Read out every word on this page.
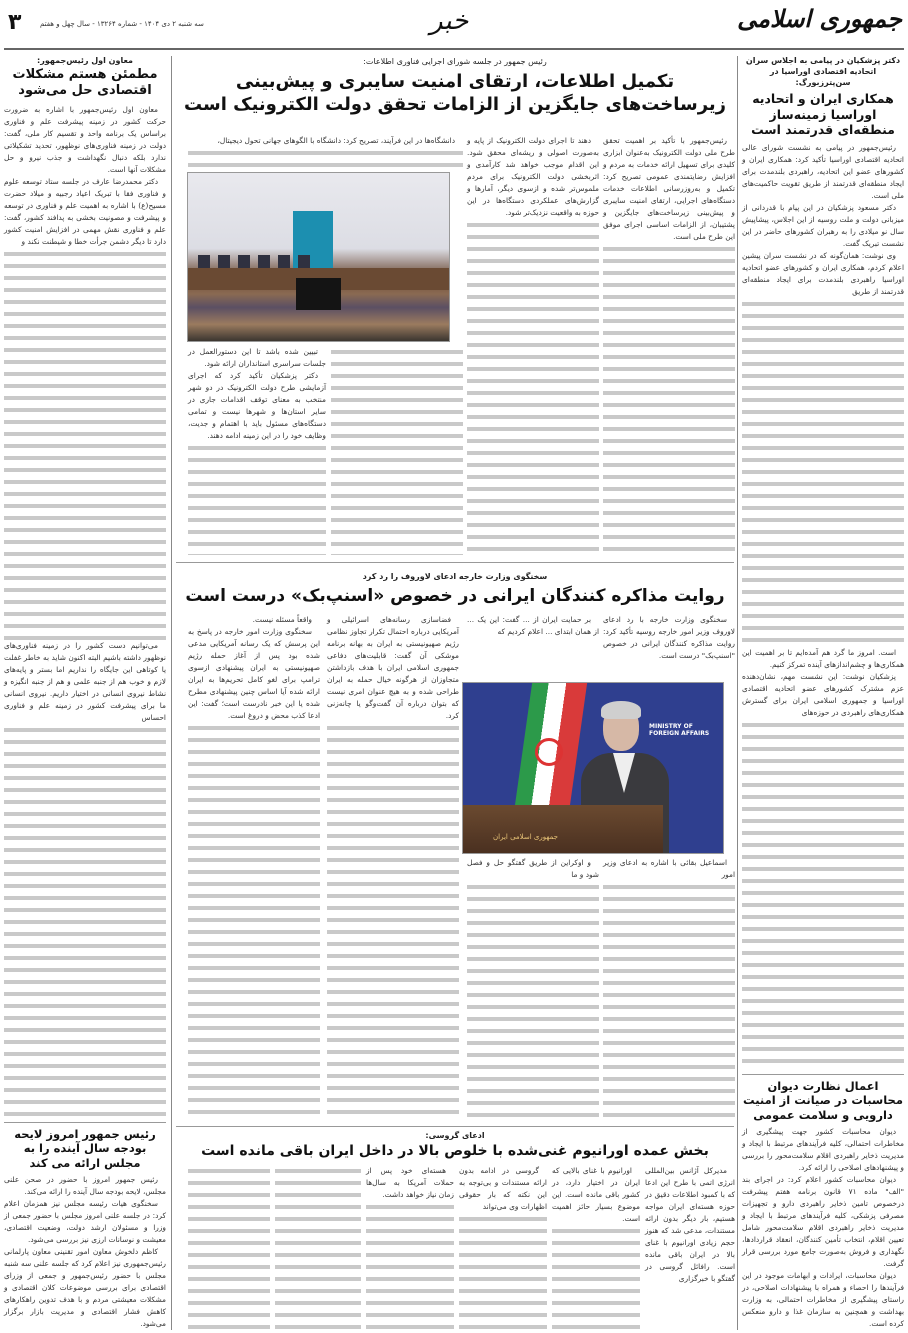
جمهوری اسلامی
خبر
سه شنبه ۲ دی ۱۴۰۴ - شماره ۱۳۲۶۴ - سال چهل و هفتم
۳
دکتر پزشکیان در پیامی به اجلاس سران اتحادیه اقتصادی اوراسیا در سن‌پترزبورگ:
همکاری ایران و اتحادیه اوراسیا زمینه‌ساز منطقه‌ای قدرتمند است

رئیس‌جمهور در پیامی به نشست شورای عالی اتحادیه اقتصادی اوراسیا تأکید کرد: همکاری ایران و کشورهای عضو این اتحادیه، راهبردی بلندمدت برای ایجاد منطقه‌ای قدرتمند از طریق تقویت حاکمیت‌های ملی است.

دکتر مسعود پزشکیان در این پیام با قدردانی از میزبانی دولت و ملت روسیه از این اجلاس، پیشاپیش سال نو میلادی را به رهبران کشورهای حاضر در این نشست تبریک گفت.

وی نوشت: همان‌گونه که در نشست سران پیشین اعلام کردم، همکاری ایران و کشورهای عضو اتحادیه اوراسیا راهبردی بلندمدت برای ایجاد منطقه‌ای قدرتمند از طریق

است. امروز ما گرد هم آمده‌ایم تا بر اهمیت این همکاری‌ها و چشم‌اندازهای آینده تمرکز کنیم.

پزشکیان نوشت: این نشست مهم، نشان‌دهنده عزم مشترک کشورهای عضو اتحادیه اقتصادی اوراسیا و جمهوری اسلامی ایران برای گسترش همکاری‌های راهبردی در حوزه‌های

اعمال نظارت دیوان محاسبات در صیانت از امنیت دارویی و سلامت عمومی

دیوان محاسبات کشور جهت پیشگیری از مخاطرات احتمالی، کلیه فرآیندهای مرتبط با ایجاد و مدیریت ذخایر راهبردی اقلام سلامت‌محور را بررسی و پیشنهادهای اصلاحی را ارائه کرد.

دیوان محاسبات کشور اعلام کرد: در اجرای بند "الف" ماده ۷۱ قانون برنامه هفتم پیشرفت درخصوص تامین ذخایر راهبردی دارو و تجهیزات مصرفی پزشکی، کلیه فرآیندهای مرتبط با ایجاد و مدیریت ذخایر راهبردی اقلام سلامت‌محور شامل تعیین اقلام، انتخاب تأمین کنندگان، انعقاد قراردادها، نگهداری و فروش به‌صورت جامع مورد بررسی قرار گرفت.

دیوان محاسبات، ایرادات و ابهامات موجود در این فرآیندها را احصاء و همراه با پیشنهادات اصلاحی، در راستای پیشگیری از مخاطرات احتمالی، به وزارت بهداشت و همچنین به سازمان غذا و دارو منعکس کرده است.

معاون اول رئیس‌جمهور:
مطمئن هستم مشکلات اقتصادی حل می‌شود

معاون اول رئیس‌جمهور با اشاره به ضرورت حرکت کشور در زمینه پیشرفت علم و فناوری براساس یک برنامه واحد و تقسیم کار ملی، گفت: دولت در زمینه فناوری‌های نوظهور، تحدید تشکیلاتی ندارد بلکه دنبال نگهداشت و جذب نیرو و حل مشکلات آنها است.

دکتر محمدرضا عارف در جلسه ستاد توسعه علوم و فناوری فقا با تبریک اعیاد رجبیه و میلاد حضرت مسیح(ع) با اشاره به اهمیت علم و فناوری در توسعه و پیشرفت و مصونیت بخشی به پدافند کشور، گفت: علم و فناوری نقش مهمی در افزایش امنیت کشور دارد تا دیگر دشمن جرأت خطا و شیطنت نکند و

می‌توانیم دست کشور را در زمینه فناوری‌های نوظهور داشته باشیم البته اکنون شاید به خاطر غفلت یا کوتاهی این جایگاه را نداریم اما بستر و پایه‌های لازم و خوب هم از جنبه علمی و هم از جنبه انگیزه و نشاط نیروی انسانی در اختیار داریم. نیروی انسانی ما برای پیشرفت کشور در زمینه علم و فناوری احساس

رئیس جمهور امروز لایحه بودجه سال آینده را به مجلس ارائه می کند

رئیس جمهور امروز با حضور در صحن علنی مجلس، لایحه بودجه سال آینده را ارائه می‌کند.

سخنگوی هیات رئیسه مجلس نیز همزمان اعلام کرد: در جلسه علنی امروز مجلس با حضور جمعی از وزرا و مسئولان ارشد دولت، وضعیت اقتصادی، معیشت و نوسانات ارزی نیز بررسی می‌شود.

کاظم دلخوش معاون امور تقنینی معاون پارلمانی رئیس‌جمهوری نیز اعلام کرد که جلسه علنی سه شنبه مجلس با حضور رئیس‌جمهور و جمعی از وزرای اقتصادی برای بررسی موضوعات کلان اقتصادی و مشکلات معیشتی مردم و با هدف تدوین راهکارهای کاهش فشار اقتصادی و مدیریت بازار برگزار می‌شود.

رئیس جمهور در جلسه شورای اجرایی فناوری اطلاعات:
تکمیل اطلاعات، ارتقای امنیت سایبری و پیش‌بینی
زیرساخت‌های جایگزین از الزامات تحقق دولت الکترونیک است

رئیس‌جمهور با تأکید بر اهمیت تحقق طرح ملی دولت الکترونیک به‌عنوان ابزاری کلیدی برای تسهیل ارائه خدمات به مردم و افزایش رضایتمندی عمومی تصریح کرد: تکمیل و به‌روزرسانی اطلاعات خدمات دستگاه‌های اجرایی، ارتقای امنیت سایبری و پیش‌بینی زیرساخت‌های جایگزین و پشتیبان، از الزامات اساسی اجرای موفق این طرح ملی است.

دهند تا اجرای دولت الکترونیک از پایه و به‌صورت اصولی و ریشه‌ای محقق شود. این اقدام موجب خواهد شد کارآمدی و اثربخشی دولت الکترونیک برای مردم ملموس‌تر شده و ازسوی دیگر، آمارها و گزارش‌های عملکردی دستگاه‌ها در این حوزه به واقعیت نزدیک‌تر شود.

دانشگاه‌ها در این فرآیند، تصریح کرد: دانشگاه با الگوهای جهانی تحول دیجیتال،

تبیین شده باشد تا این دستورالعمل در جلسات سراسری استانداران ارائه شود.

دکتر پزشکیان تأکید کرد که اجرای آزمایشی طرح دولت الکترونیک در دو شهر منتخب به معنای توقف اقدامات جاری در سایر استان‌ها و شهرها نیست و تمامی دستگاه‌های مسئول باید با اهتمام و جدیت، وظایف خود را در این زمینه ادامه دهند.

سخنگوی وزارت خارجه ادعای لاوروف را رد کرد
روایت مذاکره کنندگان ایرانی در خصوص «اسنپ‌بک» درست است

سخنگوی وزارت خارجه با رد ادعای لاوروف وزیر امور خارجه روسیه تأکید کرد: روایت مذاکره کنندگان ایرانی در خصوص "اسنپ‌بک" درست است.

بر حمایت ایران از ... گفت: این یک ... از همان ابتدای ... اعلام کردیم که

MINISTRY OF FOREIGN AFFAIRS
جمهوری اسلامی ایران

اسماعیل بقائی با اشاره به ادعای وزیر امور

و اوکراین از طریق گفتگو حل و فصل شود و ما

فضاسازی رسانه‌های اسرائیلی و آمریکایی درباره احتمال تکرار تجاوز نظامی رژیم صهیونیستی به ایران به بهانه برنامه موشکی آن گفت: قابلیت‌های دفاعی جمهوری اسلامی ایران با هدف بازداشتن متجاوزان از هرگونه خیال حمله به ایران طراحی شده و به هیچ عنوان امری نیست که بتوان درباره آن گفت‌وگو یا چانه‌زنی کرد.

واقعاً مسئله نیست.

سخنگوی وزارت امور خارجه در پاسخ به این پرسش که یک رسانه آمریکایی مدعی شده بود پس از آغاز حمله رژیم صهیونیستی به ایران پیشنهادی ازسوی ترامپ برای لغو کامل تحریم‌ها به ایران ارائه شده آیا اساس چنین پیشنهادی مطرح شده یا این خبر نادرست است؛ گفت: این ادعا کذب محض و دروغ است.

ادعای گروسی:
بخش عمده اورانیوم غنی‌شده با خلوص بالا در داخل ایران باقی مانده است

مدیرکل آژانس بین‌المللی انرژی اتمی با طرح این ادعا که با کمبود اطلاعات دقیق در حوزه هسته‌ای ایران مواجه هستیم، بار دیگر بدون ارائه مستندات، مدعی شد که هنوز حجم زیادی اورانیوم با غنای بالا در ایران باقی مانده است. رافائل گروسی در گفتگو با خبرگزاری

اورانیوم با غنای بالایی که ایران در اختیار دارد، در کشور باقی مانده است. این موضوع بسیار حائز اهمیت است.

گروسی در ادامه بدون ارائه مستندات و بی‌توجه به این نکته که بار حقوقی اظهارات وی می‌تواند

هسته‌ای خود پس از حملات آمریکا به سال‌ها زمان نیاز خواهد داشت.
